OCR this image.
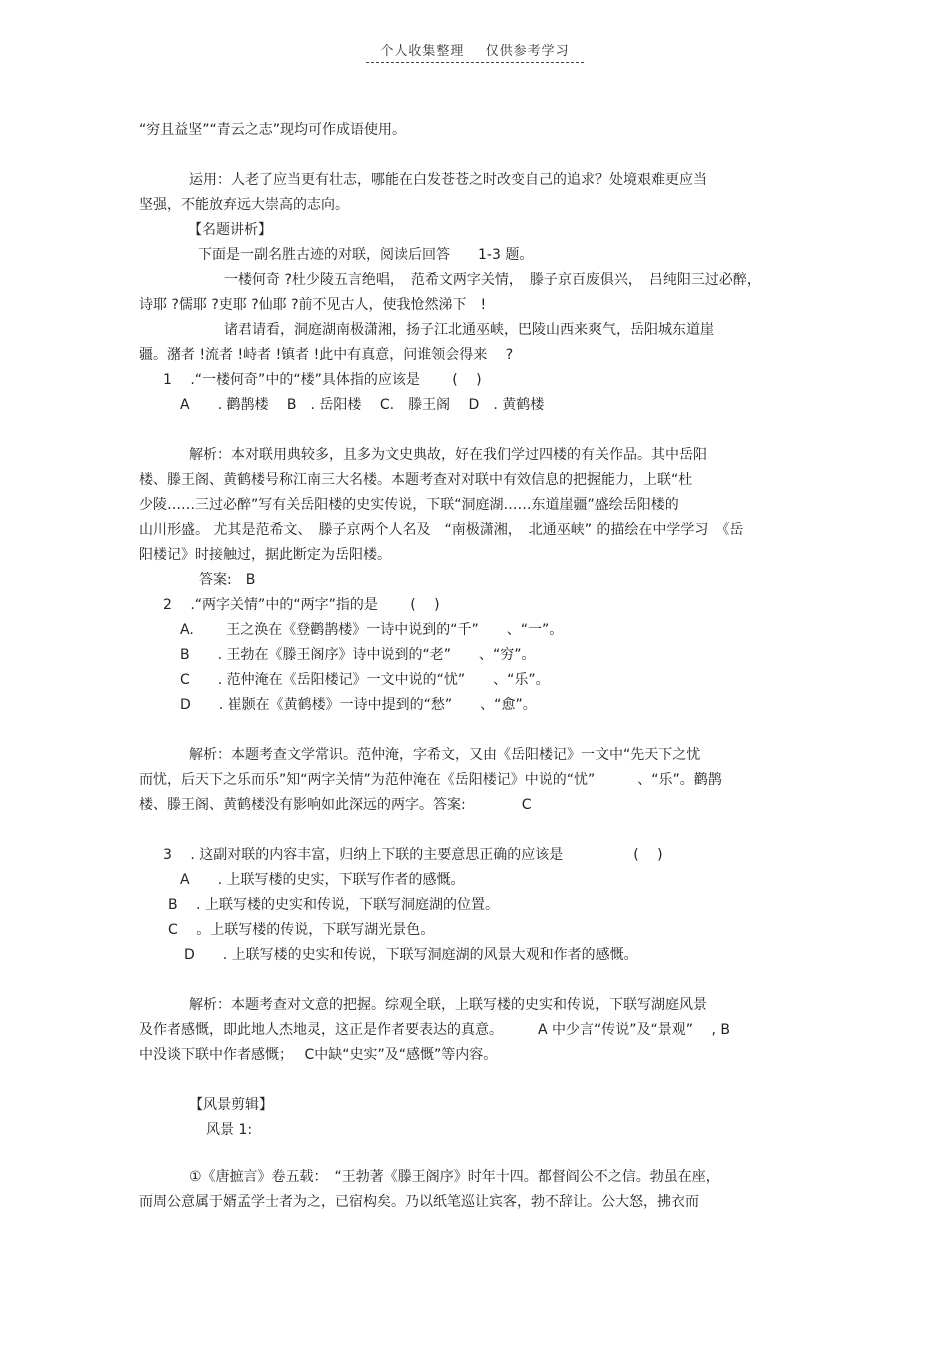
个人收集整理 仅供参考学习
“穷且益坚”“青云之志”现均可作成语使用。
运用：人老了应当更有壮志，哪能在白发苍苍之时改变自己的追求？处境艰难更应当
坚强，不能放弃远大崇高的志向。
【名题讲析】
下面是一副名胜古迹的对联，阅读后回答　　1-3 题。
一楼何奇 ?杜少陵五言绝唱，　范希文两字关情，　滕子京百废俱兴，　吕纯阳三过必醉，
诗耶 ?儒耶 ?吏耶 ?仙耶 ?前不见古人，使我怆然涕下　!
诸君请看，洞庭湖南极潇湘，扬子江北通巫峡，巴陵山西来爽气，岳阳城东道崖
疆。潴者 !流者 !峙者 !镇者 !此中有真意，问谁领会得来　 ?
1　 .“一楼何奇”中的“楼”具体指的应该是　　 ( 　)
A　　. 鹳鹊楼　 B　. 岳阳楼　 C.　滕王阁　 D　. 黄鹤楼
解析：本对联用典较多，且多为文史典故，好在我们学过四楼的有关作品。其中岳阳
楼、滕王阁、黄鹤楼号称江南三大名楼。本题考查对对联中有效信息的把握能力，上联“杜
少陵……三过必醉”写有关岳阳楼的史实传说，下联“洞庭湖……东道崖疆”盛绘岳阳楼的
山川形盛。 尤其是范希文、　滕子京两个人名及　“南极潇湘，　北通巫峡” 的描绘在中学学习　《岳
阳楼记》时接触过，据此断定为岳阳楼。
答案:　B
2　 .“两字关情”中的“两字”指的是　　 (　 )
A.　　 王之涣在《登鹳鹊楼》一诗中说到的“千”　　、“一”。
B　　. 王勃在《滕王阁序》诗中说到的“老”　　、“穷”。
C　　. 范仲淹在《岳阳楼记》一文中说的“忧”　　、“乐”。
D　　. 崔颢在《黄鹤楼》一诗中提到的“愁”　　、“愈”。
解析：本题考查文学常识。范仲淹，字希文，又由《岳阳楼记》一文中“先天下之忧
而忧，后天下之乐而乐”知“两字关情”为范仲淹在《岳阳楼记》中说的“忧”　　　、“乐”。鹳鹊
楼、滕王阁、黄鹤楼没有影响如此深远的两字。答案:　　　　C
3　 . 这副对联的内容丰富，归纳上下联的主要意思正确的应该是　　　　　(　 )
A　　. 上联写楼的史实，下联写作者的感慨。
B　 . 上联写楼的史实和传说，下联写洞庭湖的位置。
C　 。上联写楼的传说，下联写湖光景色。
D　　. 上联写楼的史实和传说，下联写洞庭湖的风景大观和作者的感慨。
解析：本题考查对文意的把握。综观全联，上联写楼的史实和传说，下联写湖庭风景
及作者感慨，即此地人杰地灵，这正是作者要表达的真意。　　　A 中少言“传说”及“景观”　 , B
中没谈下联中作者感慨；　 C中缺“史实”及“感慨”等内容。
【风景剪辑】
风景 1:
①《唐摭言》卷五载：　“王勃著《滕王阁序》时年十四。都督阎公不之信。勃虽在座，
而周公意属于婿孟学士者为之，已宿构矣。乃以纸笔巡让宾客，勃不辞让。公大怒，拂衣而
